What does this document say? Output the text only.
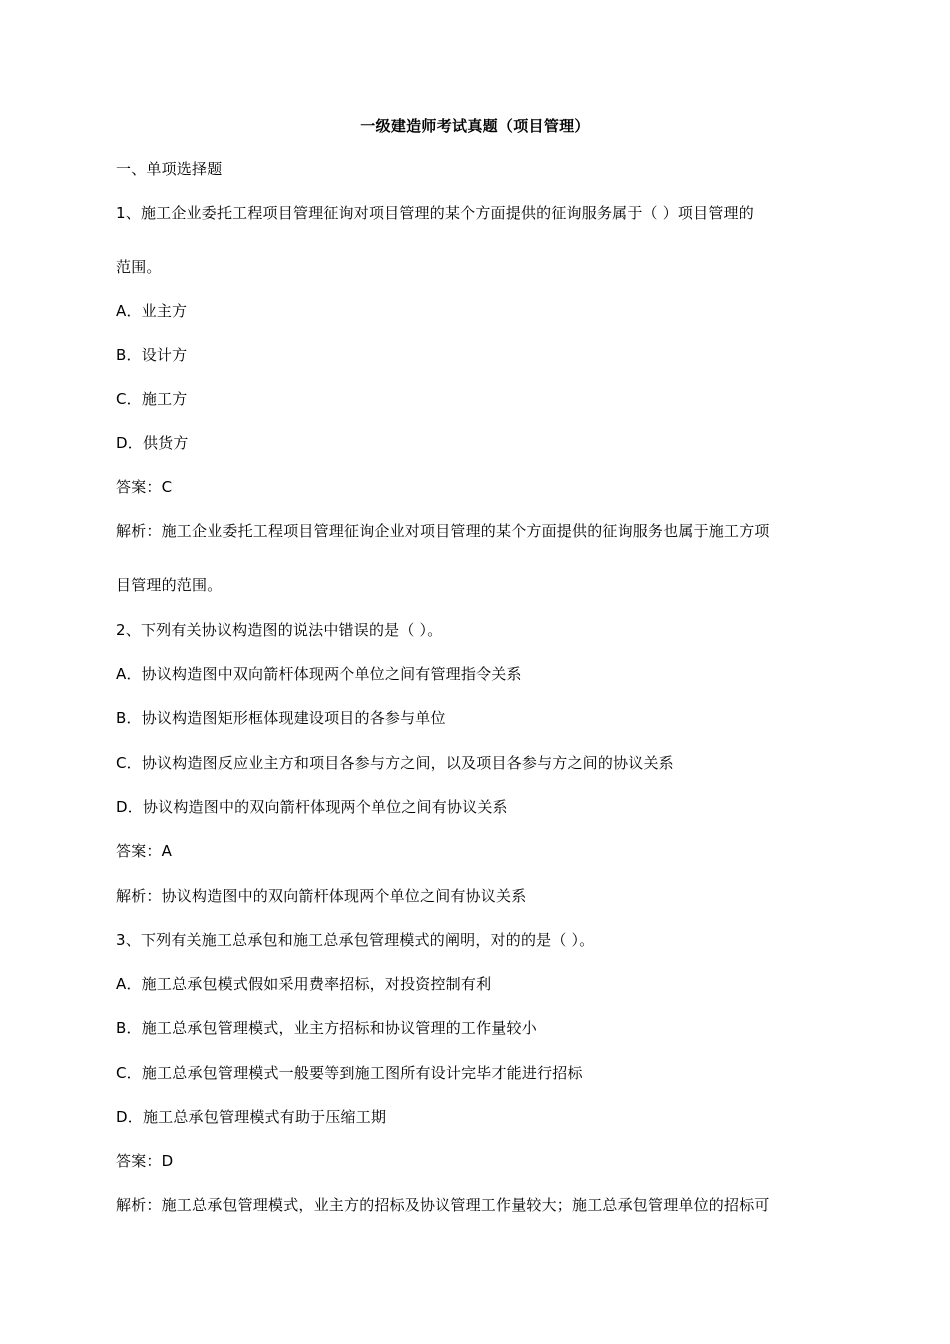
一级建造师考试真题（项目管理）
一、单项选择题
1、施工企业委托工程项目管理征询对项目管理的某个方面提供的征询服务属于（ ）项目管理的
范围。
A．业主方
B．设计方
C．施工方
D．供货方
答案：C
解析：施工企业委托工程项目管理征询企业对项目管理的某个方面提供的征询服务也属于施工方项
目管理的范围。
2、下列有关协议构造图的说法中错误的是（ ）。
A．协议构造图中双向箭杆体现两个单位之间有管理指令关系
B．协议构造图矩形框体现建设项目的各参与单位
C．协议构造图反应业主方和项目各参与方之间，以及项目各参与方之间的协议关系
D．协议构造图中的双向箭杆体现两个单位之间有协议关系
答案：A
解析：协议构造图中的双向箭杆体现两个单位之间有协议关系
3、下列有关施工总承包和施工总承包管理模式的阐明，对的的是（ ）。
A．施工总承包模式假如采用费率招标，对投资控制有利
B．施工总承包管理模式，业主方招标和协议管理的工作量较小
C．施工总承包管理模式一般要等到施工图所有设计完毕才能进行招标
D．施工总承包管理模式有助于压缩工期
答案：D
解析：施工总承包管理模式，业主方的招标及协议管理工作量较大；施工总承包管理单位的招标可
